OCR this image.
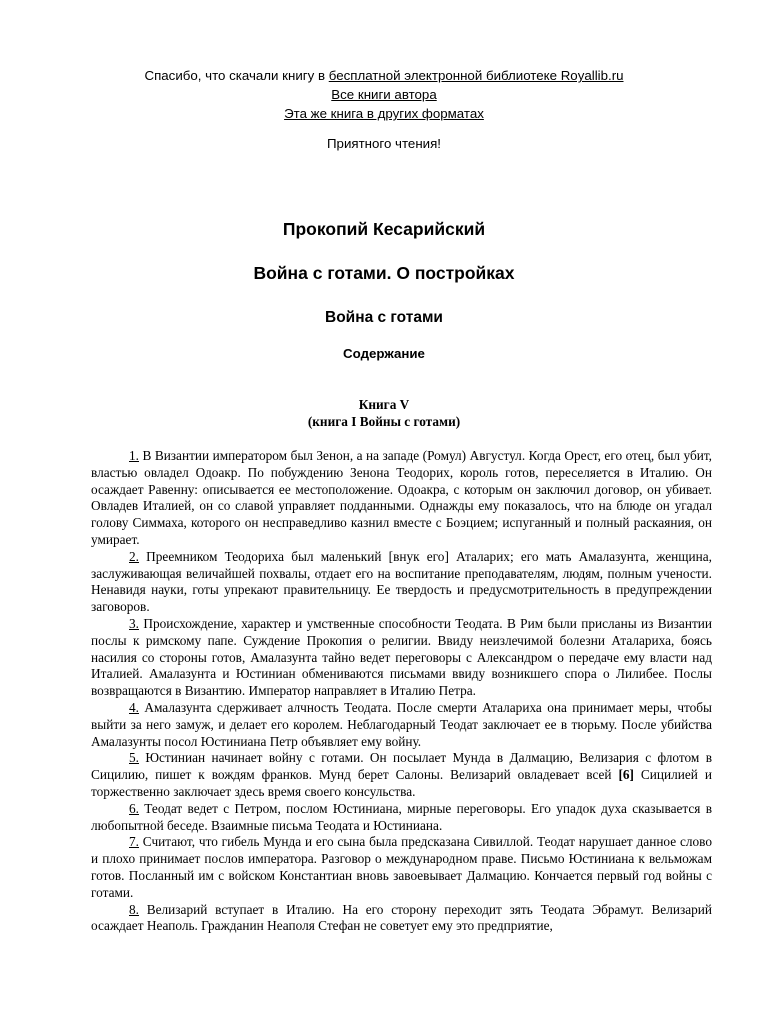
Спасибо, что скачали книгу в бесплатной электронной библиотеке Royallib.ru
Все книги автора
Эта же книга в других форматах
Приятного чтения!
Прокопий Кесарийский
Война с готами. О постройках
Война с готами
Содержание
Книга V
(книга I Войны с готами)

1. В Византии императором был Зенон, а на западе (Ромул) Августул. Когда Орест, его отец, был убит, властью овладел Одоакр. По побуждению Зенона Теодорих, король готов, переселяется в Италию. Он осаждает Равенну: описывается ее местоположение. Одоакра, с которым он заключил договор, он убивает. Овладев Италией, он со славой управляет подданными. Однажды ему показалось, что на блюде он угадал голову Симмаха, которого он несправедливо казнил вместе с Боэцием; испуганный и полный раскаяния, он умирает.

2. Преемником Теодориха был маленький [внук его] Аталарих; его мать Амалазунта, женщина, заслуживающая величайшей похвалы, отдает его на воспитание преподавателям, людям, полным учености. Ненавидя науки, готы упрекают правительницу. Ее твердость и предусмотрительность в предупреждении заговоров.

3. Происхождение, характер и умственные способности Теодата. В Рим были присланы из Византии послы к римскому папе. Суждение Прокопия о религии. Ввиду неизлечимой болезни Аталариха, боясь насилия со стороны готов, Амалазунта тайно ведет переговоры с Александром о передаче ему власти над Италией. Амалазунта и Юстиниан обмениваются письмами ввиду возникшего спора о Лилибее. Послы возвращаются в Византию. Император направляет в Италию Петра.

4. Амалазунта сдерживает алчность Теодата. После смерти Аталариха она принимает меры, чтобы выйти за него замуж, и делает его королем. Неблагодарный Теодат заключает ее в тюрьму. После убийства Амалазунты посол Юстиниана Петр объявляет ему войну.

5. Юстиниан начинает войну с готами. Он посылает Мунда в Далмацию, Велизария с флотом в Сицилию, пишет к вождям франков. Мунд берет Салоны. Велизарий овладевает всей [6] Сицилией и торжественно заключает здесь время своего консульства.

6. Теодат ведет с Петром, послом Юстиниана, мирные переговоры. Его упадок духа сказывается в любопытной беседе. Взаимные письма Теодата и Юстиниана.

7. Считают, что гибель Мунда и его сына была предсказана Сивиллой. Теодат нарушает данное слово и плохо принимает послов императора. Разговор о международном праве. Письмо Юстиниана к вельможам готов. Посланный им с войском Константиан вновь завоевывает Далмацию. Кончается первый год войны с готами.

8. Велизарий вступает в Италию. На его сторону переходит зять Теодата Эбрамут. Велизарий осаждает Неаполь. Гражданин Неаполя Стефан не советует ему это предприятие,
